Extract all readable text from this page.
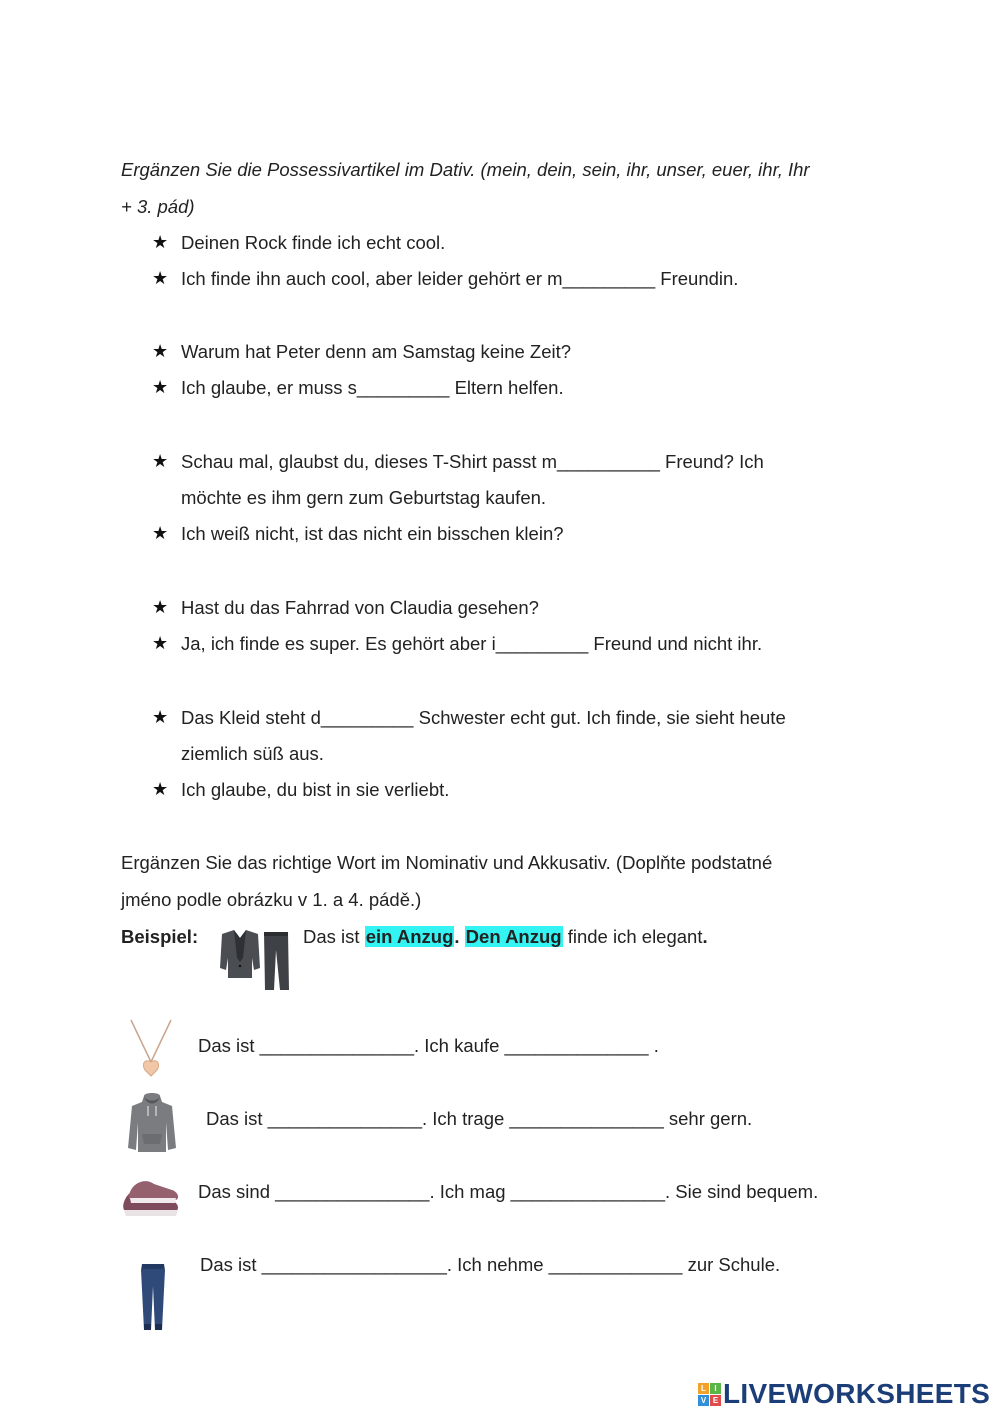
Ergänzen Sie die Possessivartikel im Dativ. (mein, dein, sein, ihr, unser, euer, ihr, Ihr
+ 3. pád)
★ Deinen Rock finde ich echt cool.
★ Ich finde ihn auch cool, aber leider gehört er m_________ Freundin.
★ Warum hat Peter denn am Samstag keine Zeit?
★ Ich glaube, er muss s_________ Eltern helfen.
★ Schau mal, glaubst du, dieses T-Shirt passt m__________ Freund? Ich
möchte es ihm gern zum Geburtstag kaufen.
★ Ich weiß nicht, ist das nicht ein bisschen klein?
★ Hast du das Fahrrad von Claudia gesehen?
★ Ja, ich finde es super. Es gehört aber i_________ Freund und nicht ihr.
★ Das Kleid steht d_________ Schwester echt gut. Ich finde, sie sieht heute
ziemlich süß aus.
★ Ich glaube, du bist in sie verliebt.
Ergänzen Sie das richtige Wort im Nominativ und Akkusativ. (Doplňte podstatné
jméno podle obrázku v 1. a 4. pádě.)
Beispiel:	Das ist ein Anzug. Den Anzug finde ich elegant.
Das ist _______________. Ich kaufe ______________ .
Das ist _______________. Ich trage _______________ sehr gern.
Das sind _______________. Ich mag _______________. Sie sind bequem.
Das ist __________________. Ich nehme _____________ zur Schule.
L	I
V E LIVEWORKSHEETS
